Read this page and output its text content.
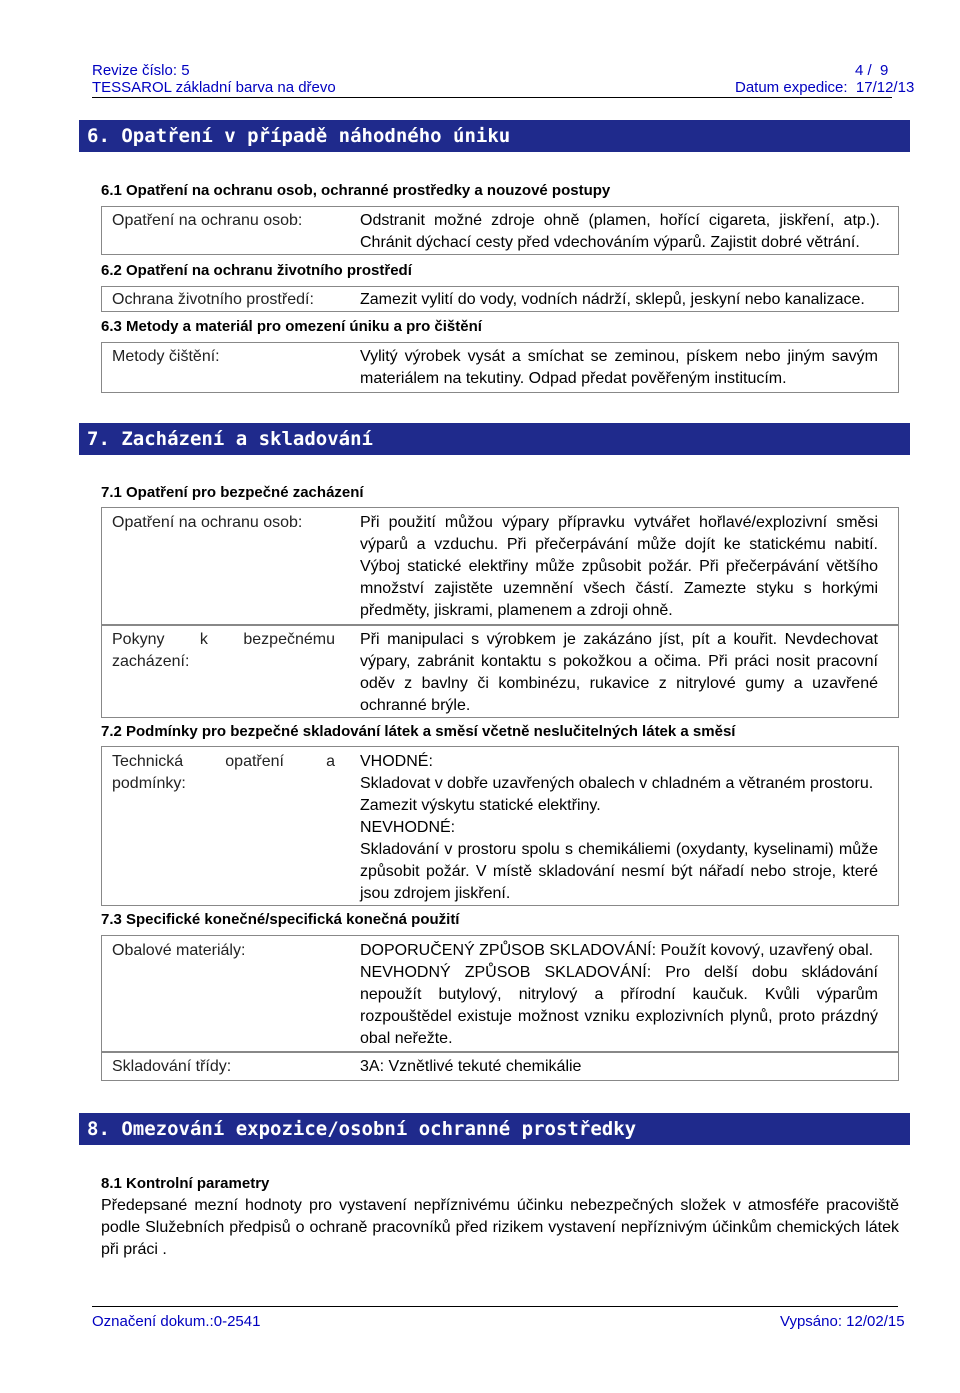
Revize číslo: 5
TESSAROL základní barva na dřevo
4 /  9
Datum expedice:  17/12/13
6. Opatření v případě náhodného úniku
6.1 Opatření na ochranu osob, ochranné prostředky a nouzové postupy
Opatření na ochranu osob:	Odstranit možné zdroje ohně (plamen, hořící cigareta, jiskření, atp.). Chránit dýchací cesty před vdechováním výparů. Zajistit dobré větrání.
6.2 Opatření na ochranu životního prostředí
Ochrana životního prostředí:	Zamezit vylití do vody, vodních nádrží, sklepů, jeskyní nebo kanalizace.
6.3 Metody a materiál pro omezení úniku a pro čištění
Metody čištění:	Vylitý výrobek vysát a smíchat se zeminou, pískem nebo jiným savým materiálem na tekutiny. Odpad předat pověřeným institucím.
7. Zacházení a skladování
7.1 Opatření pro bezpečné zacházení
Opatření na ochranu osob:	Při použití můžou výpary přípravku vytvářet hořlavé/explozivní směsi výparů a vzduchu. Při přečerpávání může dojít ke statickému nabití. Výboj statické elektřiny může způsobit požár. Při přečerpávání většího množství zajistěte uzemnění všech částí. Zamezte styku s horkými předměty, jiskrami, plamenem a zdroji ohně.
Pokyny k bezpečnému zacházení:
Při manipulaci s výrobkem je zakázáno jíst, pít a kouřit. Nevdechovat výpary, zabránit kontaktu s pokožkou a očima. Při práci nosit pracovní oděv z bavlny či kombinézu, rukavice z nitrylové gumy a uzavřené ochranné brýle.
7.2 Podmínky pro bezpečné skladování látek a směsí včetně neslučitelných látek a směsí
Technická opatření a podmínky:

VHODNÉ:

Skladovat v dobře uzavřených obalech v chladném a větraném prostoru.

Zamezit výskytu statické elektřiny.

NEVHODNÉ:

Skladování v prostoru spolu s chemikáliemi (oxydanty, kyselinami) může způsobit požár. V místě skladování nesmí být nářadí nebo stroje, které jsou zdrojem jiskření.

7.3 Specifické konečné/specifická konečná použití
Obalové materiály:	DOPORUČENÝ ZPŮSOB SKLADOVÁNÍ: Použít kovový, uzavřený obal.

NEVHODNÝ ZPŮSOB SKLADOVÁNÍ: Pro delší dobu skládování nepoužít butylový, nitrylový a přírodní kaučuk. Kvůli výparům rozpouštědel existuje možnost vzniku explozivních plynů, proto prázdný obal neřežte.

Skladování třídy:	3A: Vznětlivé tekuté chemikálie
8. Omezování expozice/osobní ochranné prostředky
8.1 Kontrolní parametry
Předepsané mezní hodnoty pro vystavení nepříznivému účinku nebezpečných složek v atmosféře pracoviště podle Služebních předpisů o ochraně pracovníků před rizikem vystavení nepříznivým účinkům chemických látek při práci .
Označení dokum.:0-2541	Vypsáno: 12/02/15
